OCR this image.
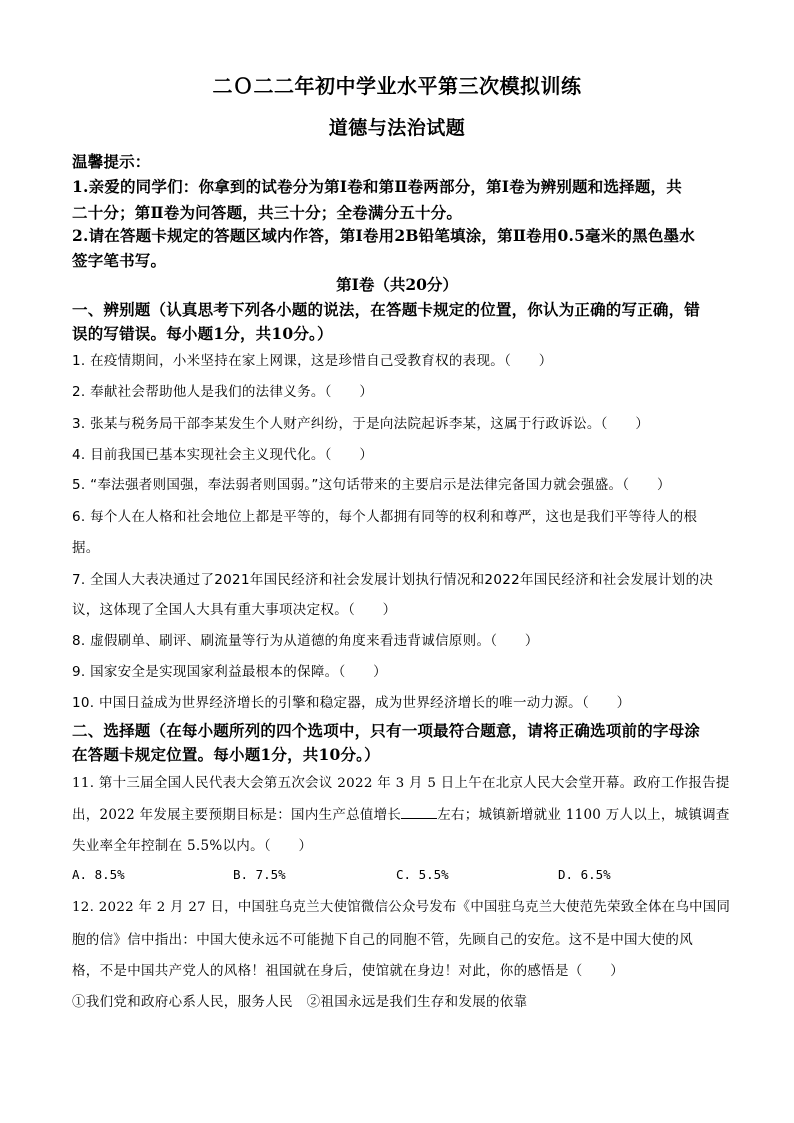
二Ｏ二二年初中学业水平第三次模拟训练
道德与法治试题
温馨提示：
1.亲爱的同学们：你拿到的试卷分为第Ⅰ卷和第Ⅱ卷两部分，第Ⅰ卷为辨别题和选择题，共
二十分；第Ⅱ卷为问答题，共三十分；全卷满分五十分。
2.请在答题卡规定的答题区域内作答，第Ⅰ卷用2B铅笔填涂，第Ⅱ卷用0.5毫米的黑色墨水
签字笔书写。
第Ⅰ卷（共20分）
一、辨别题（认真思考下列各小题的说法，在答题卡规定的位置，你认为正确的写正确，错
误的写错误。每小题1分，共10分。）
1. 在疫情期间，小米坚持在家上网课，这是珍惜自己受教育权的表现。（　　）
2. 奉献社会帮助他人是我们的法律义务。（　　）
3. 张某与税务局干部李某发生个人财产纠纷，于是向法院起诉李某，这属于行政诉讼。（　　）
4. 目前我国已基本实现社会主义现代化。（　　）
5. “奉法强者则国强，奉法弱者则国弱。”这句话带来的主要启示是法律完备国力就会强盛。（　　）
6. 每个人在人格和社会地位上都是平等的，每个人都拥有同等的权利和尊严，这也是我们平等待人的根
据。
7. 全国人大表决通过了2021年国民经济和社会发展计划执行情况和2022年国民经济和社会发展计划的决
议，这体现了全国人大具有重大事项决定权。（　　）
8. 虚假刷单、刷评、刷流量等行为从道德的角度来看违背诚信原则。（　　）
9. 国家安全是实现国家利益最根本的保障。（　　）
10. 中国日益成为世界经济增长的引擎和稳定器，成为世界经济增长的唯一动力源。（　　）
二、选择题（在每小题所列的四个选项中，只有一项最符合题意，请将正确选项前的字母涂
在答题卡规定位置。每小题1分，共10分。）
11. 第十三届全国人民代表大会第五次会议 2022 年 3 月 5 日上午在北京人民大会堂开幕。政府工作报告提
出，2022 年发展主要预期目标是：国内生产总值增长	左右；城镇新增就业 1100 万人以上，城镇调查
失业率全年控制在 5.5%以内。（　　）
A. 8.5%	B. 7.5%	C. 5.5%	D. 6.5%
12. 2022 年 2 月 27 日，中国驻乌克兰大使馆微信公众号发布《中国驻乌克兰大使范先荣致全体在乌中国同
胞的信》信中指出：中国大使永远不可能抛下自己的同胞不管，先顾自己的安危。这不是中国大使的风
格，不是中国共产党人的风格！祖国就在身后，使馆就在身边！对此，你的感悟是（　　）
①我们党和政府心系人民，服务人民　②祖国永远是我们生存和发展的依靠
